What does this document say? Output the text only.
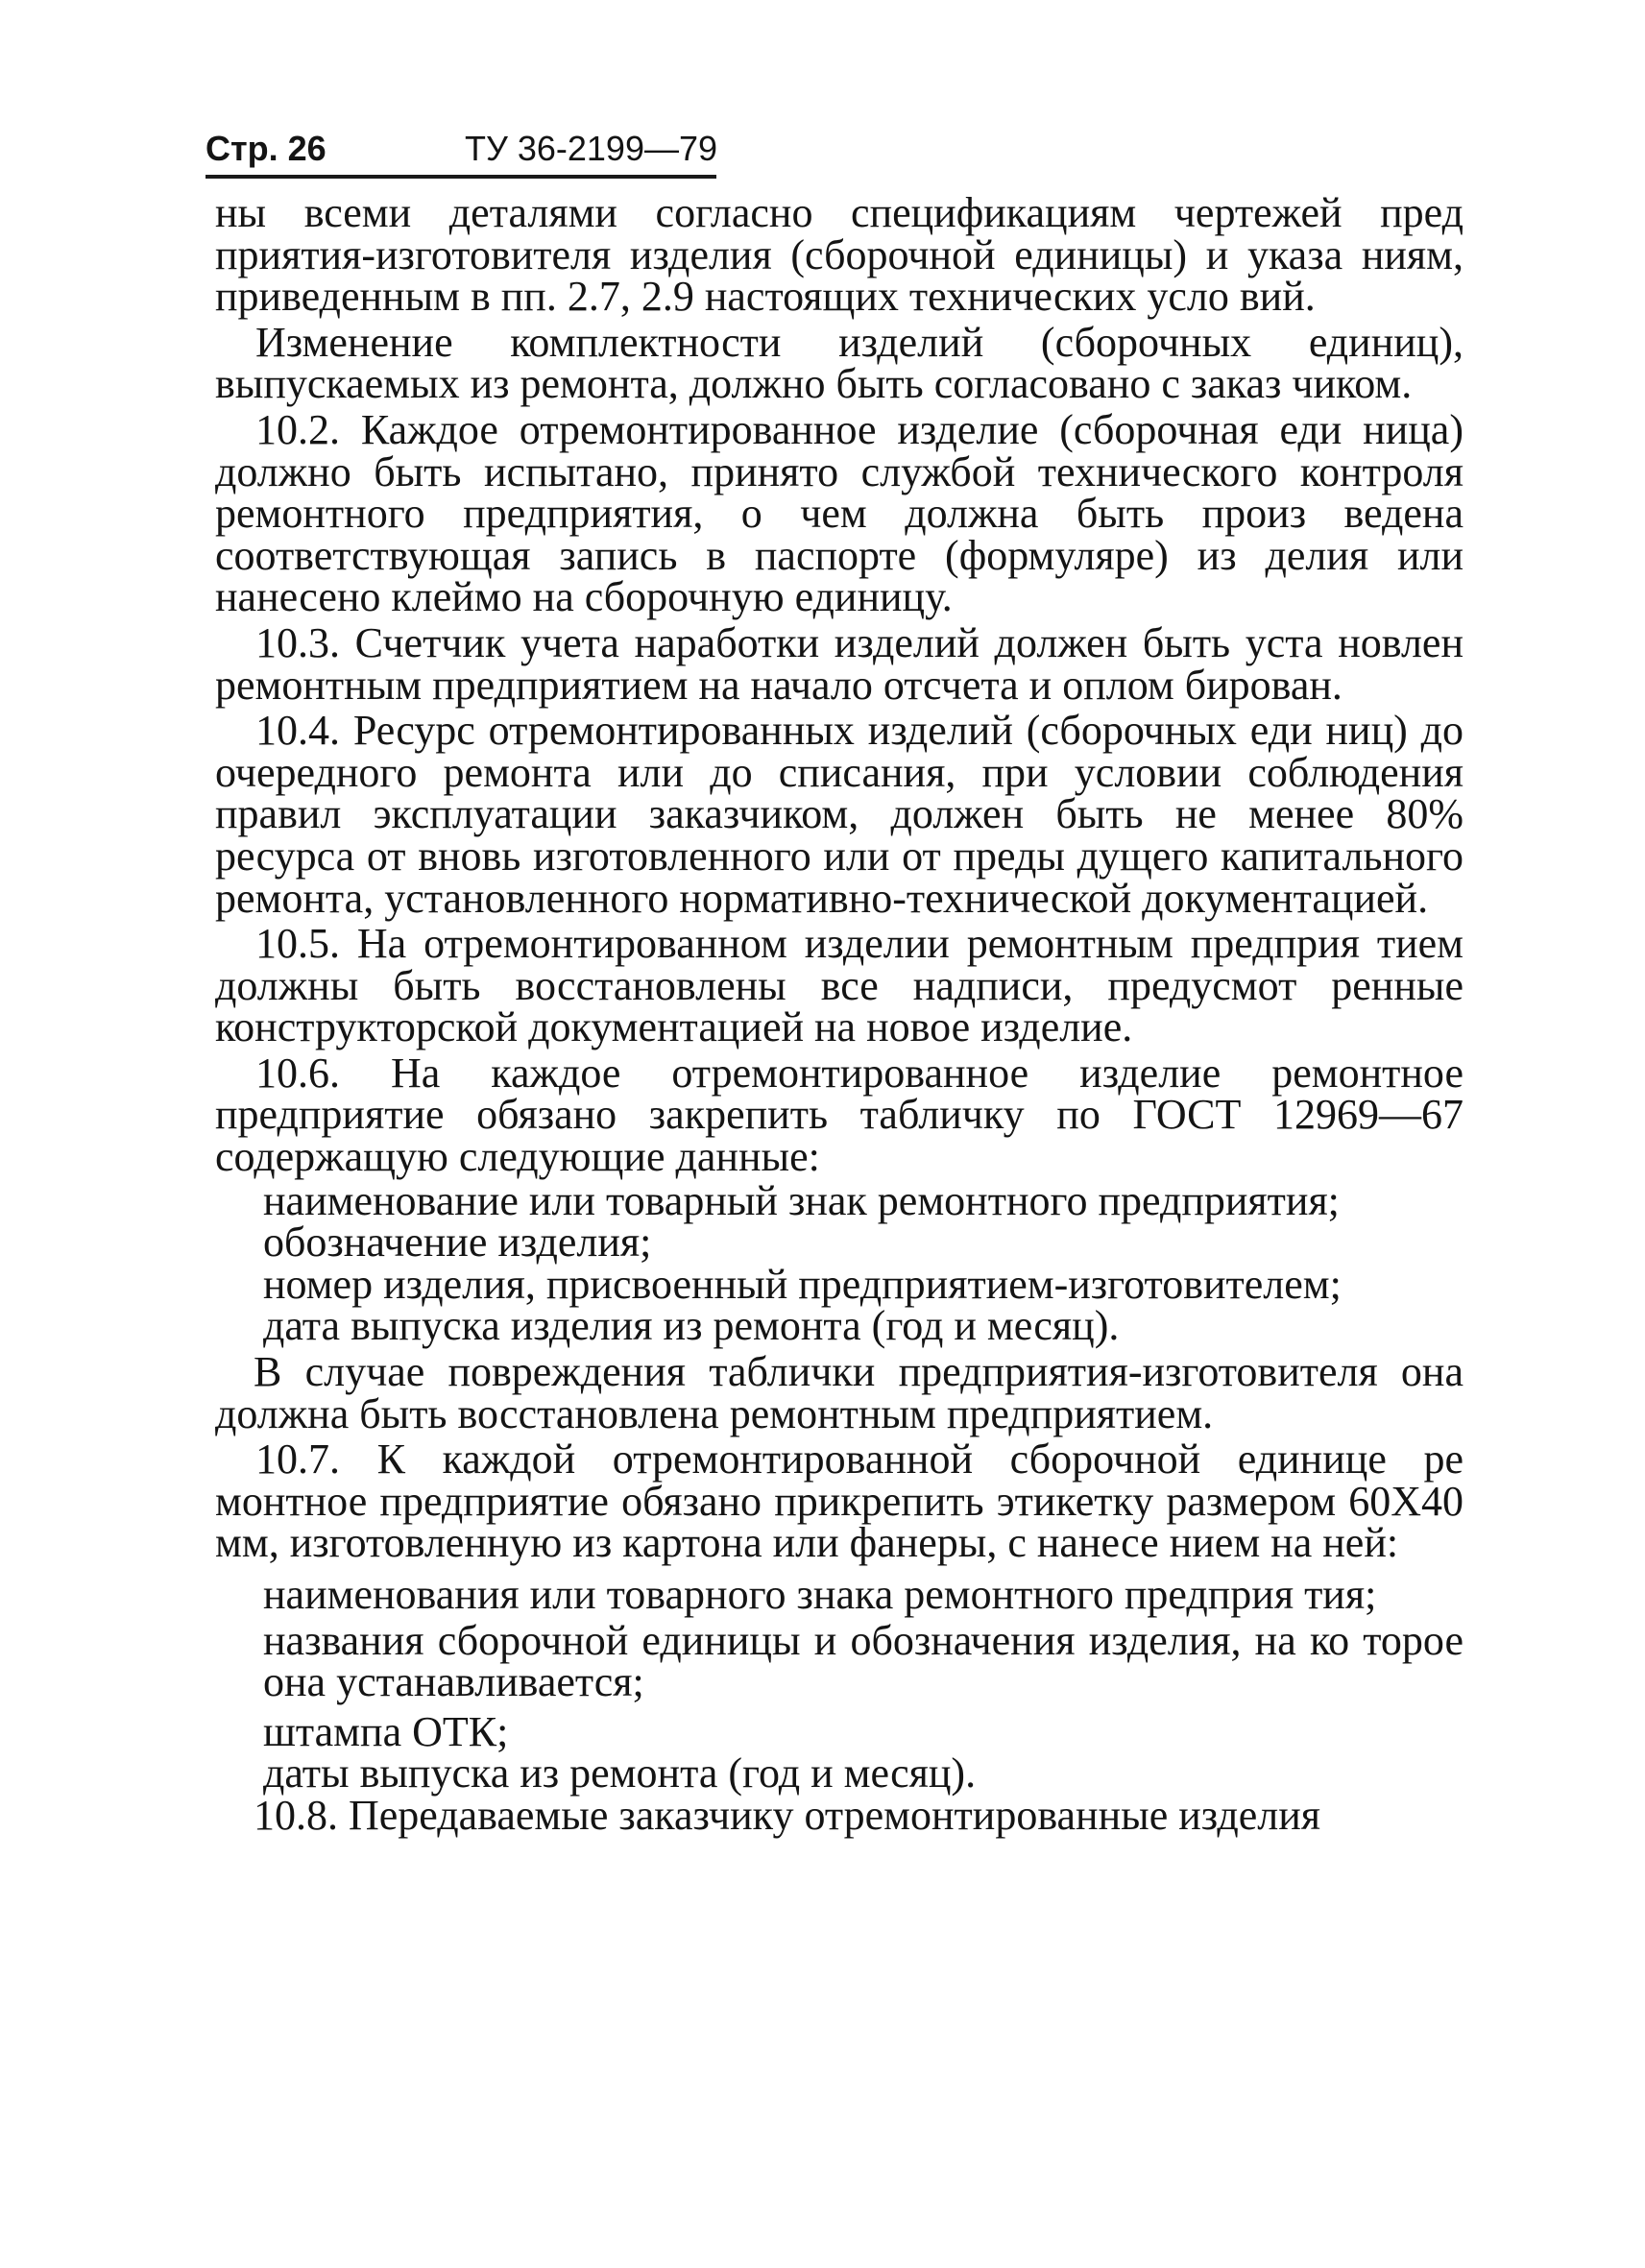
Стр. 26	ТУ 36-2199—79

ны всеми деталями согласно спецификациям чертежей пред приятия-изготовителя изделия (сборочной единицы) и указа ниям, приведенным в пп. 2.7, 2.9 настоящих технических усло вий.

Изменение комплектности изделий (сборочных единиц), выпускаемых из ремонта, должно быть согласовано с заказ чиком.

10.2. Каждое отремонтированное изделие (сборочная еди ница) должно быть испытано, принято службой технического контроля ремонтного предприятия, о чем должна быть произ ведена соответствующая запись в паспорте (формуляре) из делия или нанесено клеймо на сборочную единицу.

10.3. Счетчик учета наработки изделий должен быть уста новлен ремонтным предприятием на начало отсчета и оплом бирован.

10.4. Ресурс отремонтированных изделий (сборочных еди ниц) до очередного ремонта или до списания, при условии соблюдения правил эксплуатации заказчиком, должен быть не менее 80% ресурса от вновь изготовленного или от преды дущего капитального ремонта, установленного нормативно-технической документацией.

10.5. На отремонтированном изделии ремонтным предприя тием должны быть восстановлены все надписи, предусмот ренные конструкторской документацией на новое изделие.

10.6. На каждое отремонтированное изделие ремонтное предприятие обязано закрепить табличку по ГОСТ 12969—67 содержащую следующие данные:

наименование или товарный знак ремонтного предприятия;

обозначение изделия;

номер изделия, присвоенный предприятием-изготовителем;

дата выпуска изделия из ремонта (год и месяц).

В случае повреждения таблички предприятия-изготовителя она должна быть восстановлена ремонтным предприятием.

10.7. К каждой отремонтированной сборочной единице ре монтное предприятие обязано прикрепить этикетку размером 60Х40 мм, изготовленную из картона или фанеры, с нанесе нием на ней:

наименования или товарного знака ремонтного предприя тия;

названия сборочной единицы и обозначения изделия, на ко торое она устанавливается;

штампа ОТК;

даты выпуска из ремонта (год и месяц).

10.8. Передаваемые заказчику отремонтированные изделия
